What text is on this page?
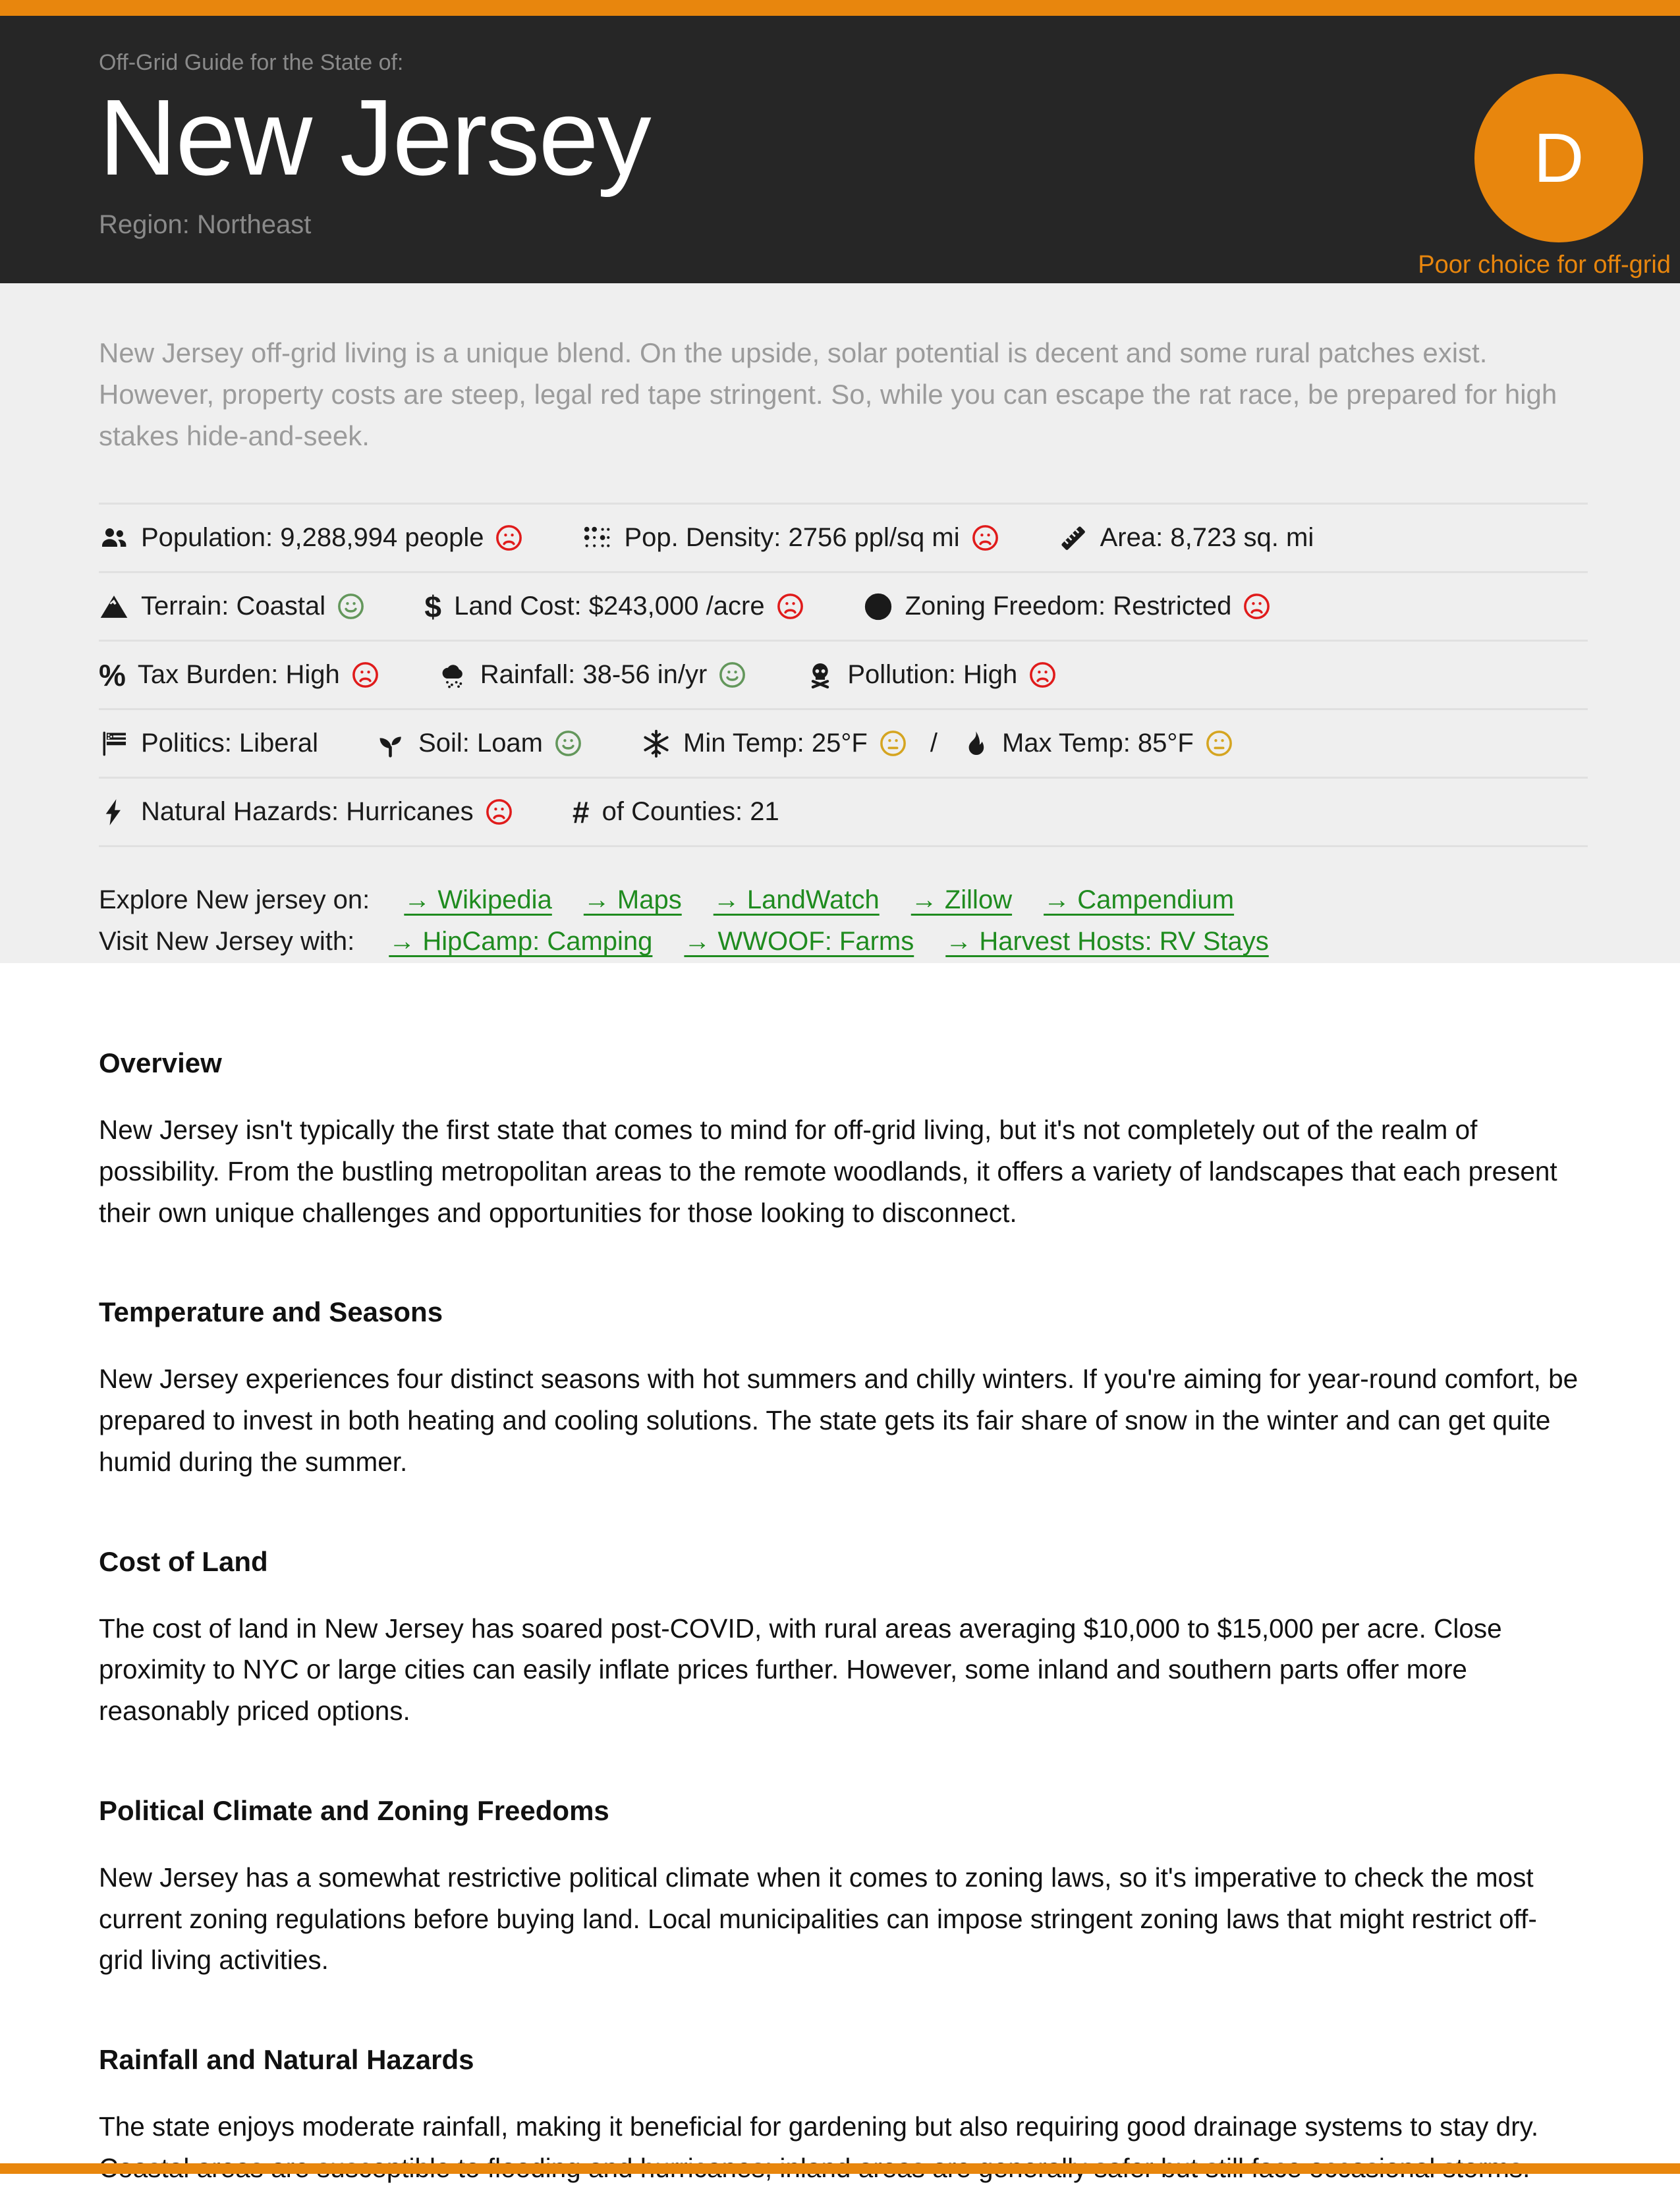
Off-Grid Guide for the State of:
New Jersey
Region: Northeast
D
Poor choice for off-grid

New Jersey off-grid living is a unique blend. On the upside, solar potential is decent and some rural patches exist. However, property costs are steep, legal red tape stringent. So, while you can escape the rat race, be prepared for high stakes hide-and-seek.

Population: 9,288,994 people	Pop. Density: 2756 ppl/sq mi	Area: 8,723 sq. mi
Terrain: Coastal	$ Land Cost: $243,000 /acre	Zoning Freedom: Restricted
% Tax Burden: High	Rainfall: 38-56 in/yr	Pollution: High
Politics: Liberal	Soil: Loam	Min Temp: 25°F / Max Temp: 85°F
Natural Hazards: Hurricanes	# of Counties: 21
Explore New jersey on: → Wikipedia → Maps → LandWatch → Zillow → Campendium
Visit New Jersey with: → HipCamp: Camping → WWOOF: Farms → Harvest Hosts: RV Stays
Overview

New Jersey isn't typically the first state that comes to mind for off-grid living, but it's not completely out of the realm of possibility. From the bustling metropolitan areas to the remote woodlands, it offers a variety of landscapes that each present their own unique challenges and opportunities for those looking to disconnect.

Temperature and Seasons

New Jersey experiences four distinct seasons with hot summers and chilly winters. If you're aiming for year-round comfort, be prepared to invest in both heating and cooling solutions. The state gets its fair share of snow in the winter and can get quite humid during the summer.

Cost of Land

The cost of land in New Jersey has soared post-COVID, with rural areas averaging $10,000 to $15,000 per acre. Close proximity to NYC or large cities can easily inflate prices further. However, some inland and southern parts offer more reasonably priced options.

Political Climate and Zoning Freedoms

New Jersey has a somewhat restrictive political climate when it comes to zoning laws, so it's imperative to check the most current zoning regulations before buying land. Local municipalities can impose stringent zoning laws that might restrict off-grid living activities.

Rainfall and Natural Hazards

The state enjoys moderate rainfall, making it beneficial for gardening but also requiring good drainage systems to stay dry.
